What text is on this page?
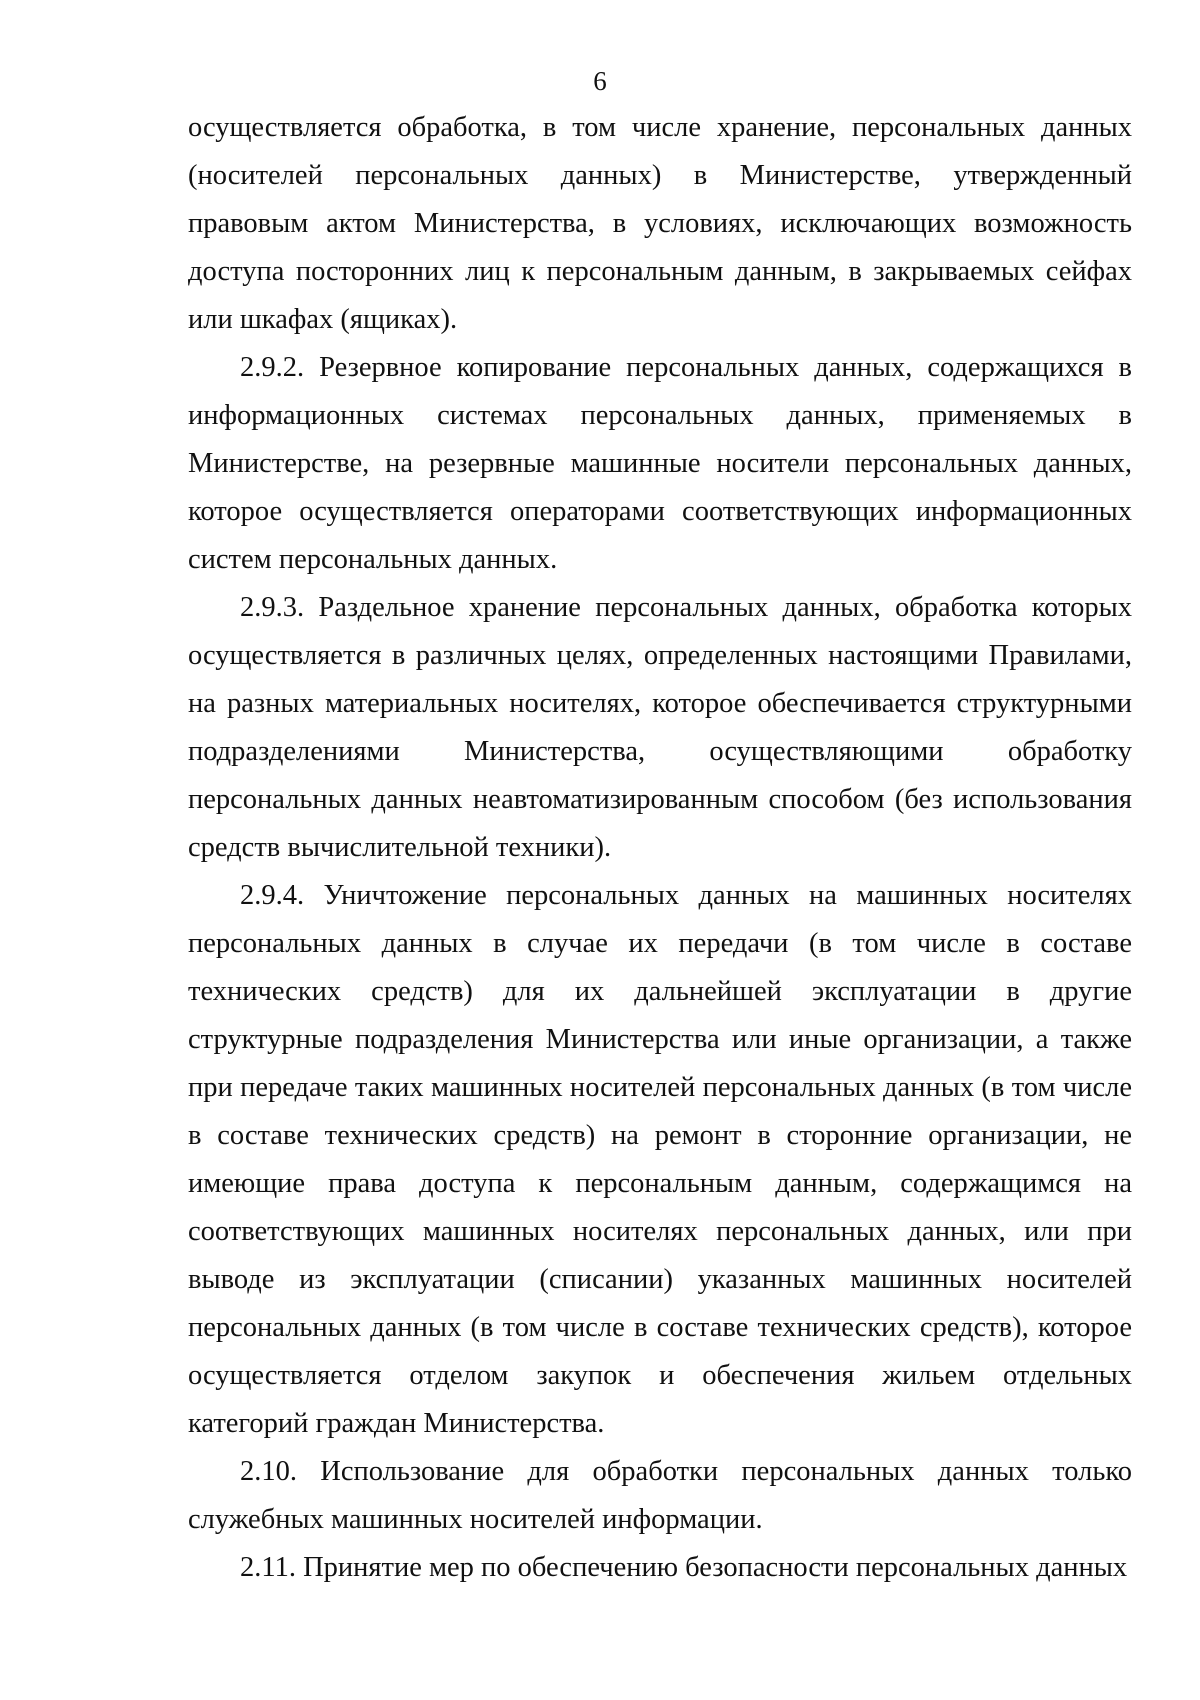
6

осуществляется обработка, в том числе хранение, персональных данных (носителей персональных данных) в Министерстве, утвержденный правовым актом Министерства, в условиях, исключающих возможность доступа посторонних лиц к персональным данным, в закрываемых сейфах или шкафах (ящиках).

2.9.2. Резервное копирование персональных данных, содержащихся в информационных системах персональных данных, применяемых в Министерстве, на резервные машинные носители персональных данных, которое осуществляется операторами соответствующих информационных систем персональных данных.

2.9.3. Раздельное хранение персональных данных, обработка которых осуществляется в различных целях, определенных настоящими Правилами, на разных материальных носителях, которое обеспечивается структурными подразделениями Министерства, осуществляющими обработку персональных данных неавтоматизированным способом (без использования средств вычислительной техники).

2.9.4. Уничтожение персональных данных на машинных носителях персональных данных в случае их передачи (в том числе в составе технических средств) для их дальнейшей эксплуатации в другие структурные подразделения Министерства или иные организации, а также при передаче таких машинных носителей персональных данных (в том числе в составе технических средств) на ремонт в сторонние организации, не имеющие права доступа к персональным данным, содержащимся на соответствующих машинных носителях персональных данных, или при выводе из эксплуатации (списании) указанных машинных носителей персональных данных (в том числе в составе технических средств), которое осуществляется отделом закупок и обеспечения жильем отдельных категорий граждан Министерства.

2.10. Использование для обработки персональных данных только служебных машинных носителей информации.

2.11. Принятие мер по обеспечению безопасности персональных данных
